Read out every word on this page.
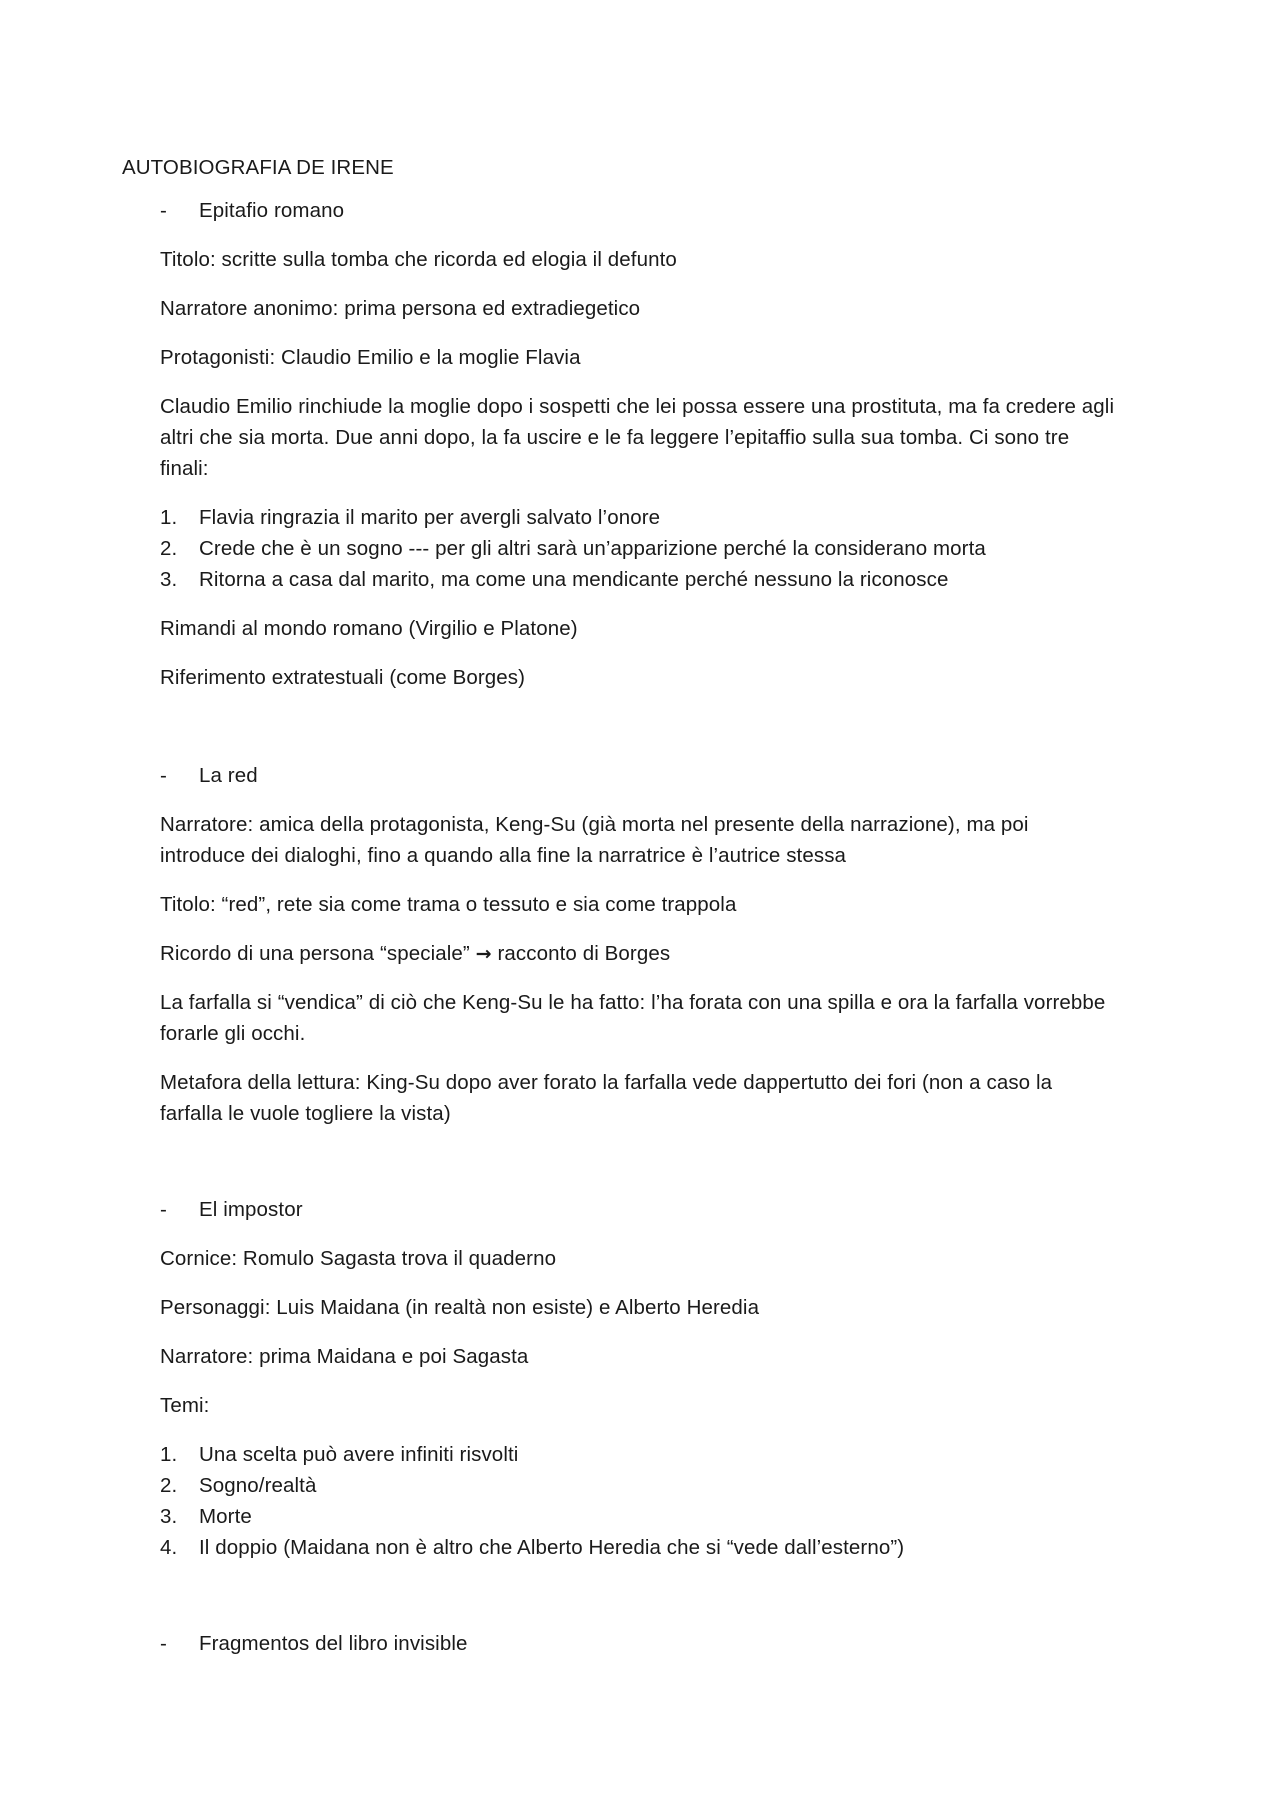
AUTOBIOGRAFIA DE IRENE
- Epitafio romano
Titolo: scritte sulla tomba che ricorda ed elogia il defunto
Narratore anonimo: prima persona ed extradiegetico
Protagonisti: Claudio Emilio e la moglie Flavia
Claudio Emilio rinchiude la moglie dopo i sospetti che lei possa essere una prostituta, ma fa credere agli
altri che sia morta. Due anni dopo, la fa uscire e le fa leggere l’epitaffio sulla sua tomba. Ci sono tre
finali:
1. Flavia ringrazia il marito per avergli salvato l’onore
2. Crede che è un sogno --- per gli altri sarà un’apparizione perché la considerano morta
3. Ritorna a casa dal marito, ma come una mendicante perché nessuno la riconosce
Rimandi al mondo romano (Virgilio e Platone)
Riferimento extratestuali (come Borges)
- La red
Narratore: amica della protagonista, Keng-Su (già morta nel presente della narrazione), ma poi
introduce dei dialoghi, fino a quando alla fine la narratrice è l’autrice stessa
Titolo: “red”, rete sia come trama o tessuto e sia come trappola
Ricordo di una persona “speciale” → racconto di Borges
La farfalla si “vendica” di ciò che Keng-Su le ha fatto: l’ha forata con una spilla e ora la farfalla vorrebbe
forarle gli occhi.
Metafora della lettura: King-Su dopo aver forato la farfalla vede dappertutto dei fori (non a caso la
farfalla le vuole togliere la vista)
- El impostor
Cornice: Romulo Sagasta trova il quaderno
Personaggi: Luis Maidana (in realtà non esiste) e Alberto Heredia
Narratore: prima Maidana e poi Sagasta
Temi:
1. Una scelta può avere infiniti risvolti
2. Sogno/realtà
3. Morte
4. Il doppio (Maidana non è altro che Alberto Heredia che si “vede dall’esterno”)
- Fragmentos del libro invisible
